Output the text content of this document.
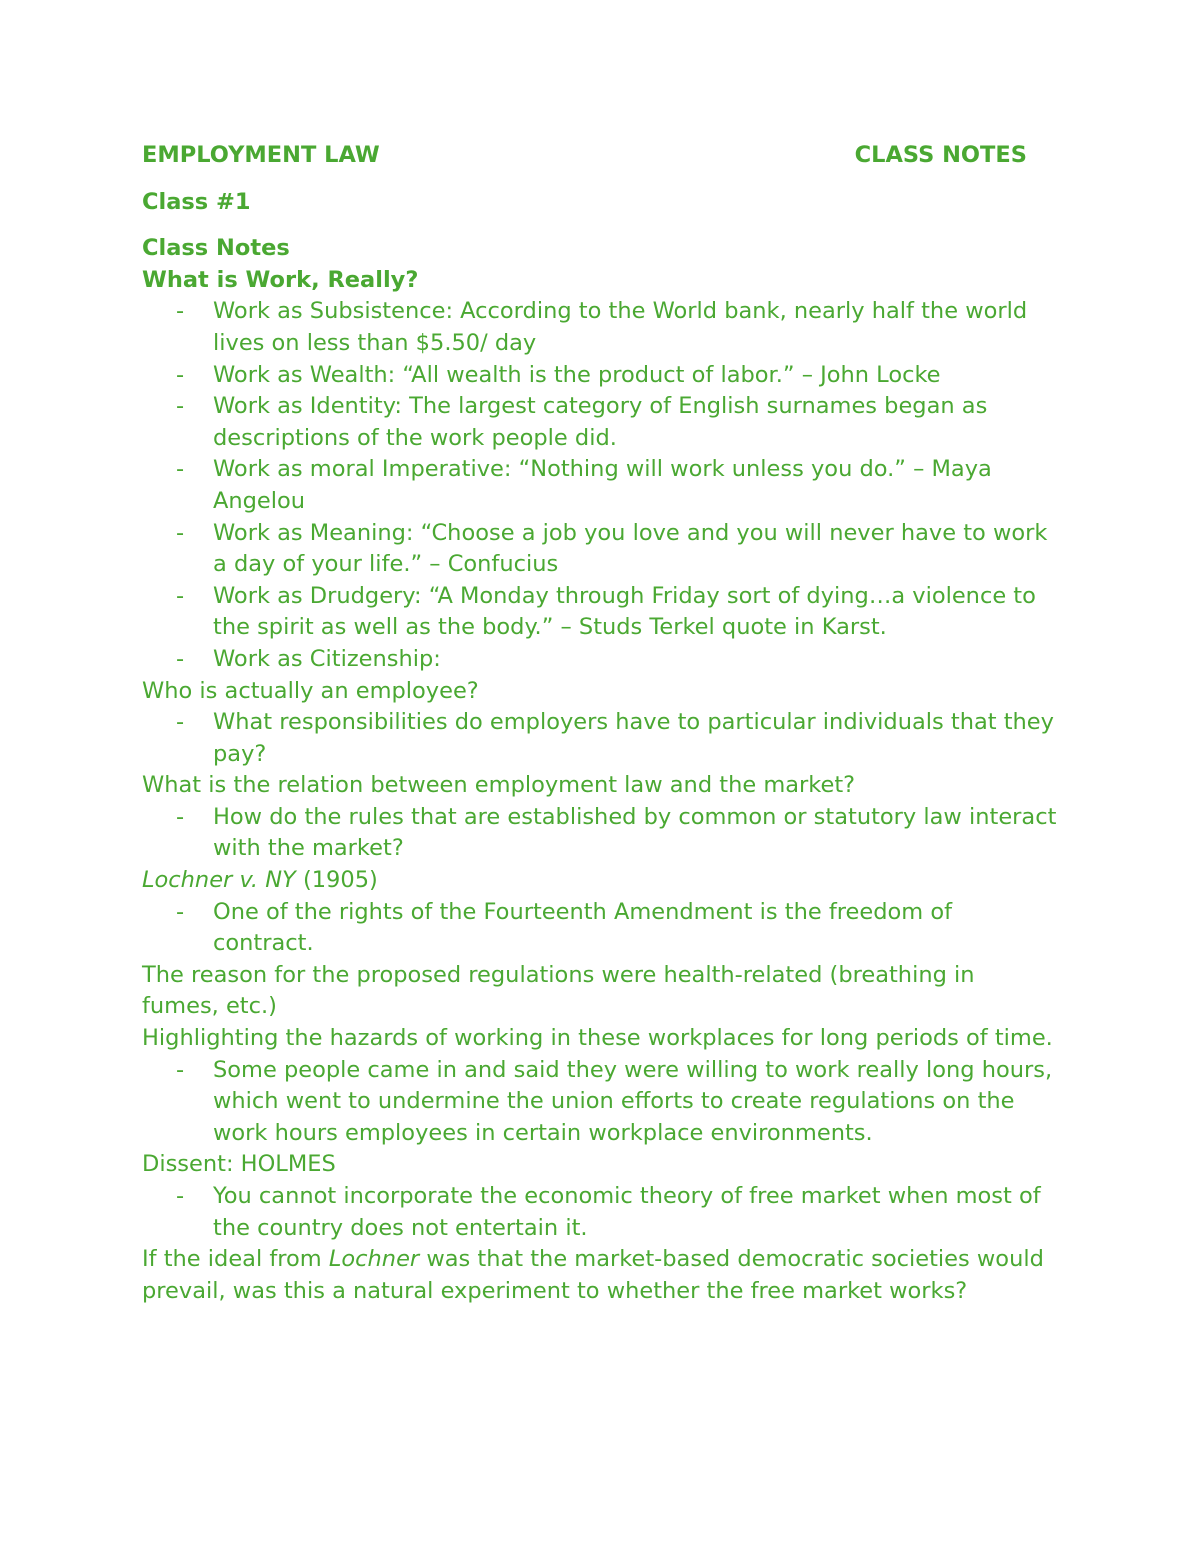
EMPLOYMENT LAW	CLASS NOTES
Class #1
Class Notes
What is Work, Really?
- Work as Subsistence: According to the World bank, nearly half the world lives on less than $5.50/ day
- Work as Wealth: “All wealth is the product of labor.” – John Locke
- Work as Identity: The largest category of English surnames began as descriptions of the work people did.
- Work as moral Imperative: “Nothing will work unless you do.” – Maya Angelou
- Work as Meaning: “Choose a job you love and you will never have to work a day of your life.” – Confucius
- Work as Drudgery: “A Monday through Friday sort of dying…a violence to the spirit as well as the body.” – Studs Terkel quote in Karst.
- Work as Citizenship:

Who is actually an employee?

- What responsibilities do employers have to particular individuals that they pay?

What is the relation between employment law and the market?

- How do the rules that are established by common or statutory law interact with the market?

Lochner v. NY (1905)

- One of the rights of the Fourteenth Amendment is the freedom of contract.

The reason for the proposed regulations were health-related (breathing in fumes, etc.)

Highlighting the hazards of working in these workplaces for long periods of time.

- Some people came in and said they were willing to work really long hours, which went to undermine the union efforts to create regulations on the work hours employees in certain workplace environments.

Dissent: HOLMES

- You cannot incorporate the economic theory of free market when most of the country does not entertain it.

If the ideal from Lochner was that the market-based democratic societies would prevail, was this a natural experiment to whether the free market works?
